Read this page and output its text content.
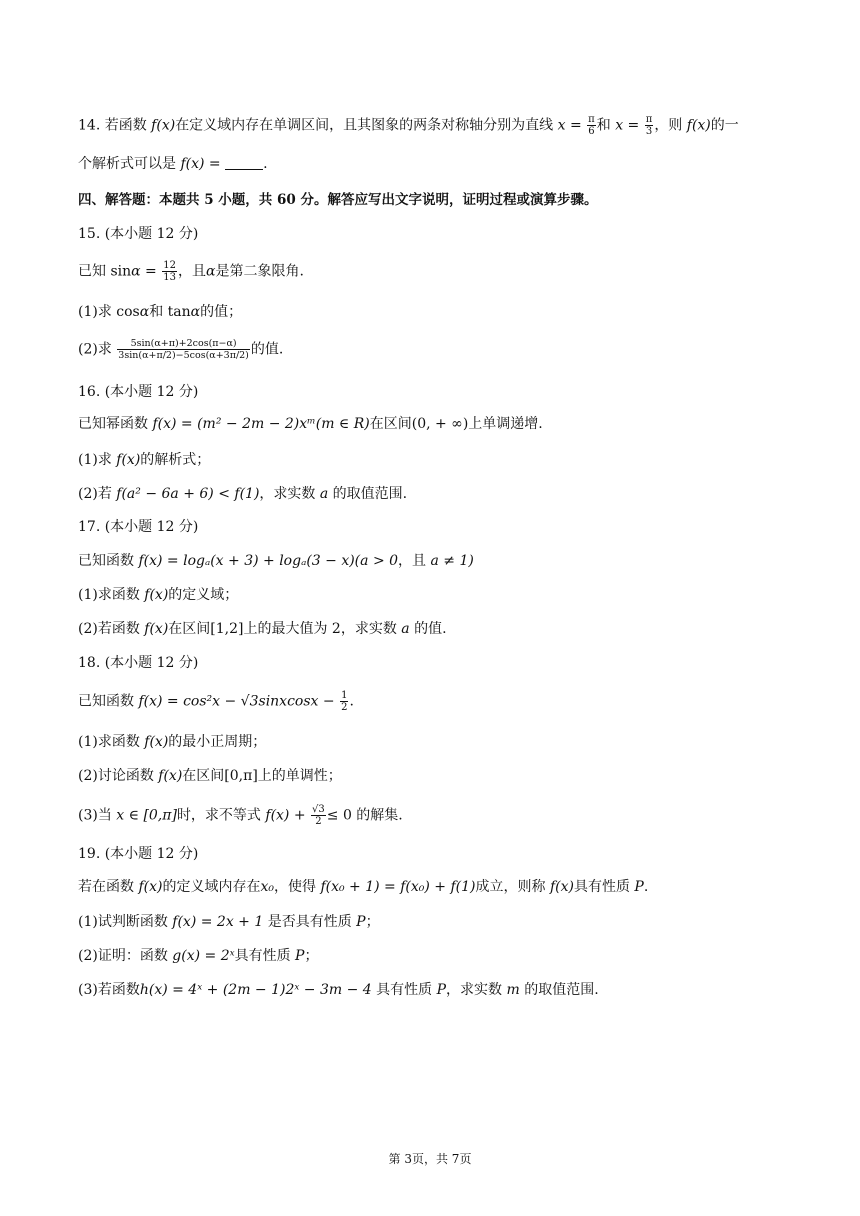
14. 若函数 f(x)在定义域内存在单调区间，且其图象的两条对称轴分别为直线 $x = \frac{\pi}{6}$ 和 $x = \frac{\pi}{3}$ ，则 f(x)的一
个解析式可以是 f(x) =	.
四、解答题：本题共 5 小题，共 60 分。解答应写出文字说明，证明过程或演算步骤。
15. (本小题 12 分)
已知 $\sin\alpha = \frac{12}{13}$ ，且α是第二象限角.
(1)求 cosα和 tanα的值；
(2)求 $\frac{5\sin(\alpha+\pi)+2\cos(\pi-\alpha)}{3\sin(\alpha+\pi/2)-5\cos(\alpha+3\pi/2)}$ 的值.
16. (本小题 12 分)
已知幂函数 f(x) = (m² − 2m − 2)xᵐ(m ∈ R)在区间(0, + ∞)上单调递增.
(1)求 f(x)的解析式；
(2)若 f(a² − 6a + 6) < f(1)，求实数 a 的取值范围.
17. (本小题 12 分)
已知函数 f(x) = logₐ(x + 3) + logₐ(3 − x)(a > 0，且 a ≠ 1)
(1)求函数 f(x)的定义域；
(2)若函数 f(x)在区间[1,2]上的最大值为 2，求实数 a 的值.
18. (本小题 12 分)
已知函数 f(x) = cos²x − √3sinxcosx − $\frac{1}{2}$ .
(1)求函数 f(x)的最小正周期；
(2)讨论函数 f(x)在区间[0,π]上的单调性；
(3)当 x ∈ [0,π]时，求不等式 $f(x) + \frac{√3}{2} \le 0$ 的解集.
19. (本小题 12 分)
若在函数 f(x)的定义域内存在x₀，使得 f(x₀ + 1) = f(x₀) + f(1)成立，则称 f(x)具有性质 P.
(1)试判断函数 f(x) = 2x + 1 是否具有性质 P；
(2)证明：函数 g(x) = 2ˣ具有性质 P；
(3)若函数h(x) = 4ˣ + (2m − 1)2ˣ − 3m − 4 具有性质 P，求实数 m 的取值范围.
第 3页，共 7页
